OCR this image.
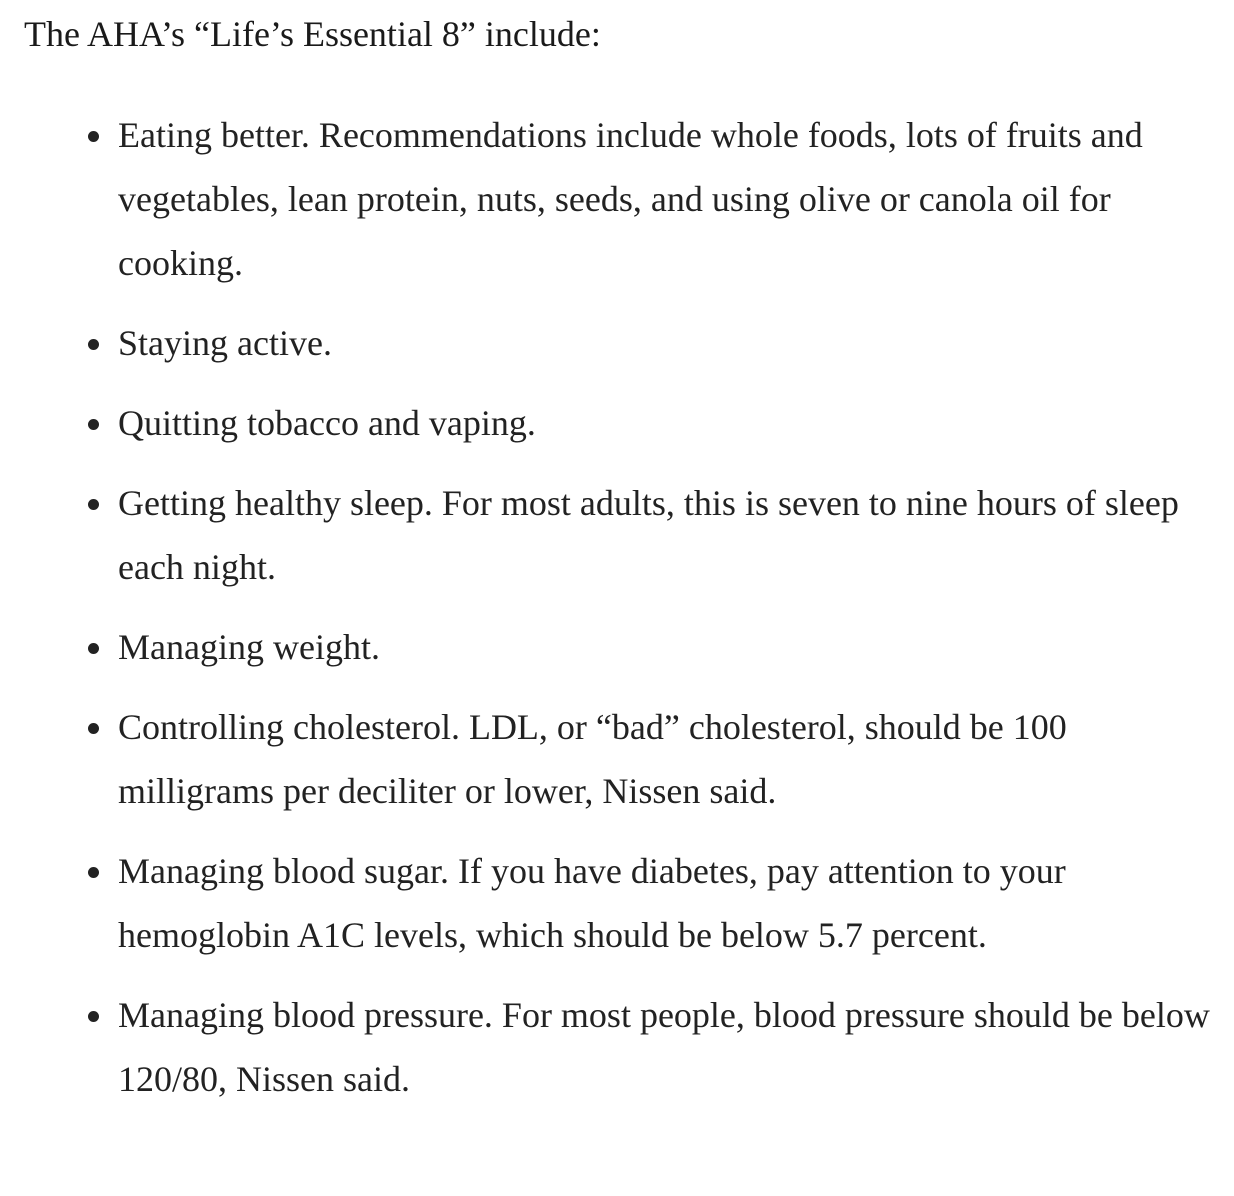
The AHA’s “Life’s Essential 8” include:

Eating better. Recommendations include whole foods, lots of fruits and vegetables, lean protein, nuts, seeds, and using olive or canola oil for cooking.
Staying active.
Quitting tobacco and vaping.
Getting healthy sleep. For most adults, this is seven to nine hours of sleep each night.
Managing weight.
Controlling cholesterol. LDL, or “bad” cholesterol, should be 100 milligrams per deciliter or lower, Nissen said.
Managing blood sugar. If you have diabetes, pay attention to your hemoglobin A1C levels, which should be below 5.7 percent.
Managing blood pressure. For most people, blood pressure should be below 120/80, Nissen said.
